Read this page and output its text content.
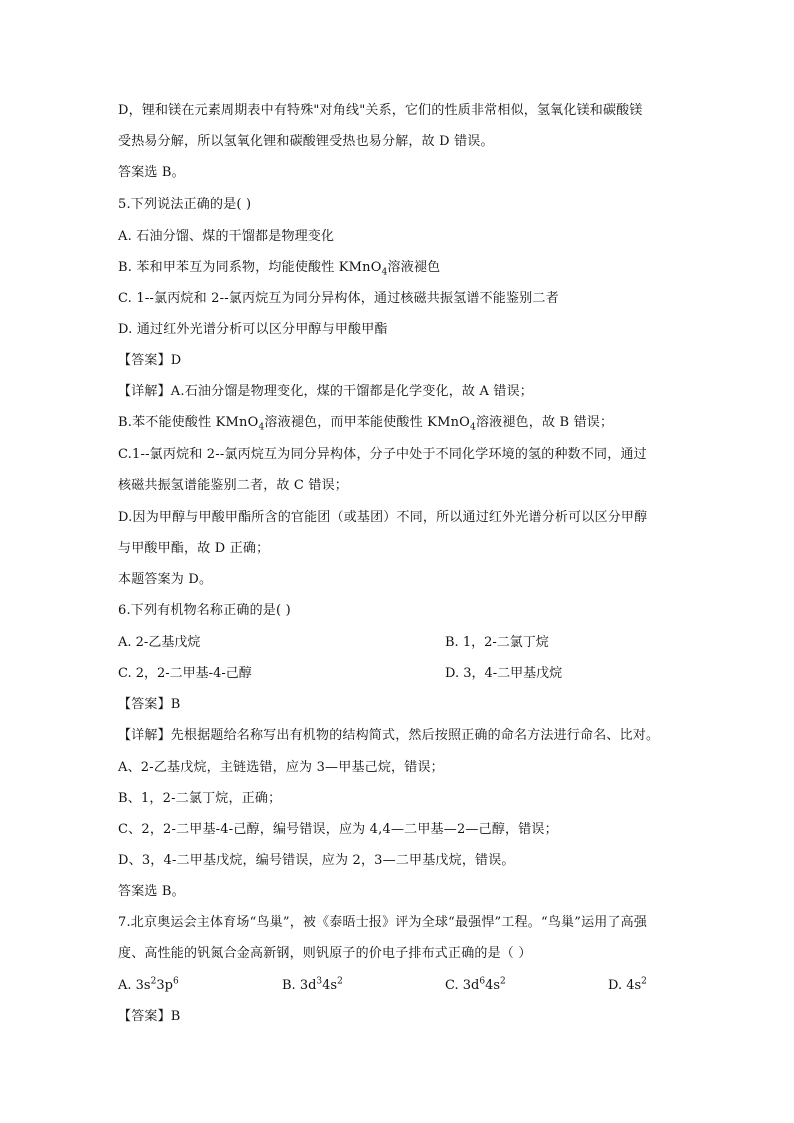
D，锂和镁在元素周期表中有特殊"对角线"关系，它们的性质非常相似，氢氧化镁和碳酸镁
受热易分解，所以氢氧化锂和碳酸锂受热也易分解，故 D 错误。
答案选 B。
5.下列说法正确的是( )
A. 石油分馏、煤的干馏都是物理变化
B. 苯和甲苯互为同系物，均能使酸性 KMnO$_4$溶液褪色
C. 1--氯丙烷和 2--氯丙烷互为同分异构体，通过核磁共振氢谱不能鉴别二者
D. 通过红外光谱分析可以区分甲醇与甲酸甲酯
【答案】D
【详解】A.石油分馏是物理变化，煤的干馏都是化学变化，故 A 错误；
B.苯不能使酸性 KMnO$_4$溶液褪色，而甲苯能使酸性 KMnO$_4$溶液褪色，故 B 错误；
C.1--氯丙烷和 2--氯丙烷互为同分异构体，分子中处于不同化学环境的氢的种数不同，通过
核磁共振氢谱能鉴别二者，故 C 错误；
D.因为甲醇与甲酸甲酯所含的官能团（或基团）不同，所以通过红外光谱分析可以区分甲醇
与甲酸甲酯，故 D 正确；
本题答案为 D。
6.下列有机物名称正确的是( )
A. 2-乙基戊烷	B. 1，2-二氯丁烷
C. 2，2-二甲基-4-己醇	D. 3，4-二甲基戊烷
【答案】B
【详解】先根据题给名称写出有机物的结构简式，然后按照正确的命名方法进行命名、比对。
A、2-乙基戊烷，主链选错，应为 3—甲基己烷，错误；
B、1，2-二氯丁烷，正确；
C、2，2-二甲基-4-己醇，编号错误，应为 4,4—二甲基—2—己醇，错误；
D、3，4-二甲基戊烷，编号错误，应为 2，3—二甲基戊烷，错误。
答案选 B。
7.北京奥运会主体育场“鸟巢”，被《泰晤士报》评为全球“最强悍”工程。“鸟巢”运用了高强
度、高性能的钒氮合金高新钢，则钒原子的价电子排布式正确的是（ ）
A. $3s^23p^6$	B. $3d^34s^2$	C. $3d^64s^2$	D. $4s^2$
【答案】B
